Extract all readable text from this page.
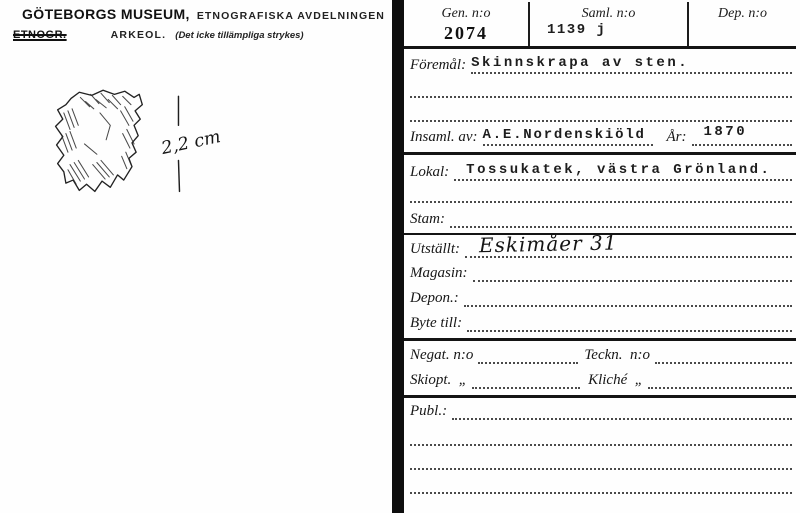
GÖTEBORGS MUSEUM, ETNOGRAFISKA AVDELNINGEN
ETNOGR.	ARKEOL. (Det icke tillämpliga strykes)
2,2 cm
Gen. n:o
2074
Saml. n:o
1139 j
Dep. n:o
Föremål: Skinnskrapa av sten.
Insaml. av: A.E.Nordenskiöld	År:	1870
Lokal:	Tossukatek, västra Grönland.
Stam:
Utställt: Eskimåer 31
Magasin:
Depon.:
Byte till:
Negat. n:o	Teckn.  n:o
Skiopt.  „	Kliché  „
Publ.:
